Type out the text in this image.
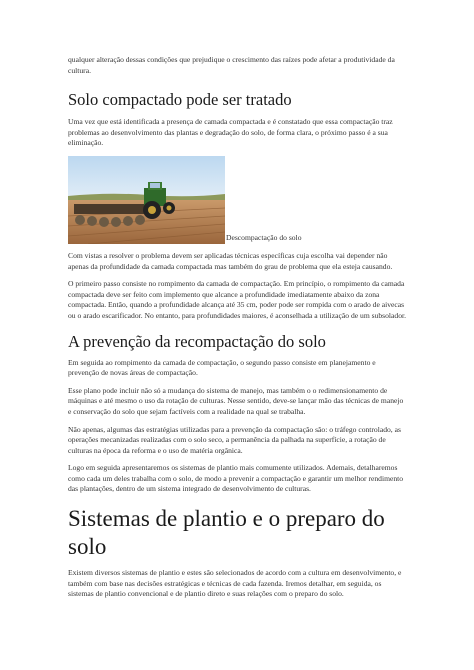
qualquer alteração dessas condições que prejudique o crescimento das raízes pode afetar a produtividade da cultura.

Solo compactado pode ser tratado

Uma vez que está identificada a presença de camada compactada e é constatado que essa compactação traz problemas ao desenvolvimento das plantas e degradação do solo, de forma clara, o próximo passo é a sua eliminação.

Descompactação do solo

Com vistas a resolver o problema devem ser aplicadas técnicas específicas cuja escolha vai depender não apenas da profundidade da camada compactada mas também do grau de problema que ela esteja causando.

O primeiro passo consiste no rompimento da camada de compactação. Em princípio, o rompimento da camada compactada deve ser feito com implemento que alcance a profundidade imediatamente abaixo da zona compactada. Então, quando a profundidade alcança até 35 cm, poder pode ser rompida com o arado de aivecas ou o arado escarificador. No entanto, para profundidades maiores, é aconselhada a utilização de um subsolador.

A prevenção da recompactação do solo

Em seguida ao rompimento da camada de compactação, o segundo passo consiste em planejamento e prevenção de novas áreas de compactação.

Esse plano pode incluir não só a mudança do sistema de manejo, mas também o o redimensionamento de máquinas e até mesmo o uso da rotação de culturas. Nesse sentido, deve-se lançar mão das técnicas de manejo e conservação do solo que sejam factíveis com a realidade na qual se trabalha.

Não apenas, algumas das estratégias utilizadas para a prevenção da compactação são: o tráfego controlado, as operações mecanizadas realizadas com o solo seco, a permanência da palhada na superfície, a rotação de culturas na época da reforma e o uso de matéria orgânica.

Logo em seguida apresentaremos os sistemas de plantio mais comumente utilizados. Ademais, detalharemos como cada um deles trabalha com o solo, de modo a prevenir a compactação e garantir um melhor rendimento das plantações, dentro de um sistema integrado de desenvolvimento de culturas.

Sistemas de plantio e o preparo do solo

Existem diversos sistemas de plantio e estes são selecionados de acordo com a cultura em desenvolvimento, e também com base nas decisões estratégicas e técnicas de cada fazenda. Iremos detalhar, em seguida, os sistemas de plantio convencional e de plantio direto e suas relações com o preparo do solo.
